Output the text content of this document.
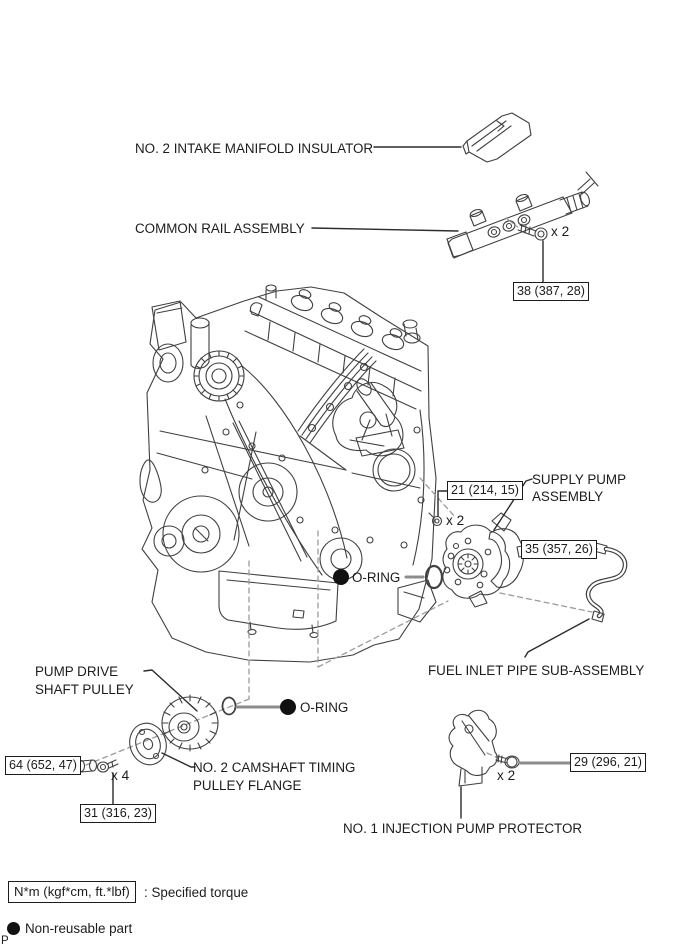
NO. 2 INTAKE MANIFOLD INSULATOR
COMMON RAIL ASSEMBLY
SUPPLY PUMP
ASSEMBLY
FUEL INLET PIPE SUB-ASSEMBLY
O-RING
O-RING
PUMP DRIVE
SHAFT PULLEY
NO. 2 CAMSHAFT TIMING
PULLEY FLANGE
NO. 1 INJECTION PUMP PROTECTOR
x 2
x 2
x 4	x 2
38 (387, 28)
21 (214, 15)
35 (357, 26)
64 (652, 47)
31 (316, 23)
29 (296, 21)
N*m (kgf*cm, ft.*lbf)	: Specified torque
Non-reusable part
P
